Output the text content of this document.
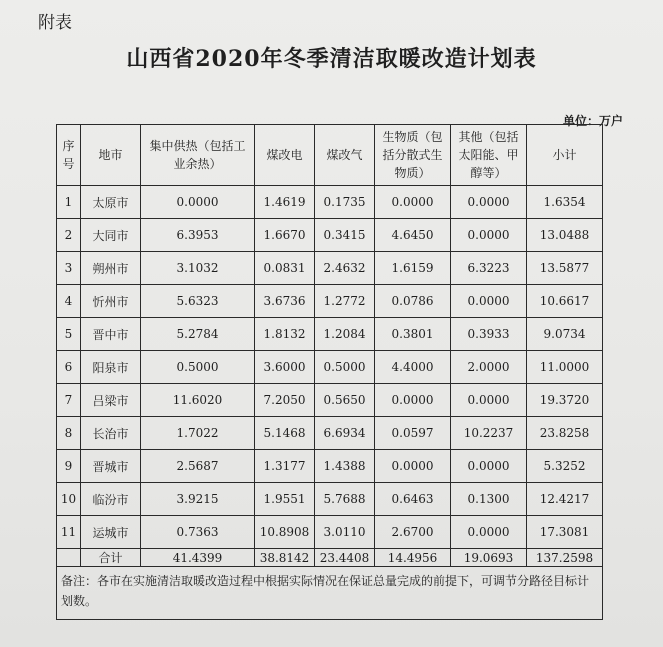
附表
山西省2020年冬季清洁取暖改造计划表
单位：万户
序号	地市	集中供热（包括工业余热）	煤改电	煤改气	生物质（包括分散式生物质）	其他（包括太阳能、甲醇等）	小计
1	太原市	0.0000	1.4619	0.1735	0.0000	0.0000	1.6354
2	大同市	6.3953	1.6670	0.3415	4.6450	0.0000	13.0488
3	朔州市	3.1032	0.0831	2.4632	1.6159	6.3223	13.5877
4	忻州市	5.6323	3.6736	1.2772	0.0786	0.0000	10.6617
5	晋中市	5.2784	1.8132	1.2084	0.3801	0.3933	9.0734
6	阳泉市	0.5000	3.6000	0.5000	4.4000	2.0000	11.0000
7	吕梁市	11.6020	7.2050	0.5650	0.0000	0.0000	19.3720
8	长治市	1.7022	5.1468	6.6934	0.0597	10.2237	23.8258
9	晋城市	2.5687	1.3177	1.4388	0.0000	0.0000	5.3252
10	临汾市	3.9215	1.9551	5.7688	0.6463	0.1300	12.4217
11	运城市	0.7363	10.8908	3.0110	2.6700	0.0000	17.3081
	合计	41.4399	38.8142	23.4408	14.4956	19.0693	137.2598
备注：各市在实施清洁取暖改造过程中根据实际情况在保证总量完成的前提下，可调节分路径目标计划数。							
